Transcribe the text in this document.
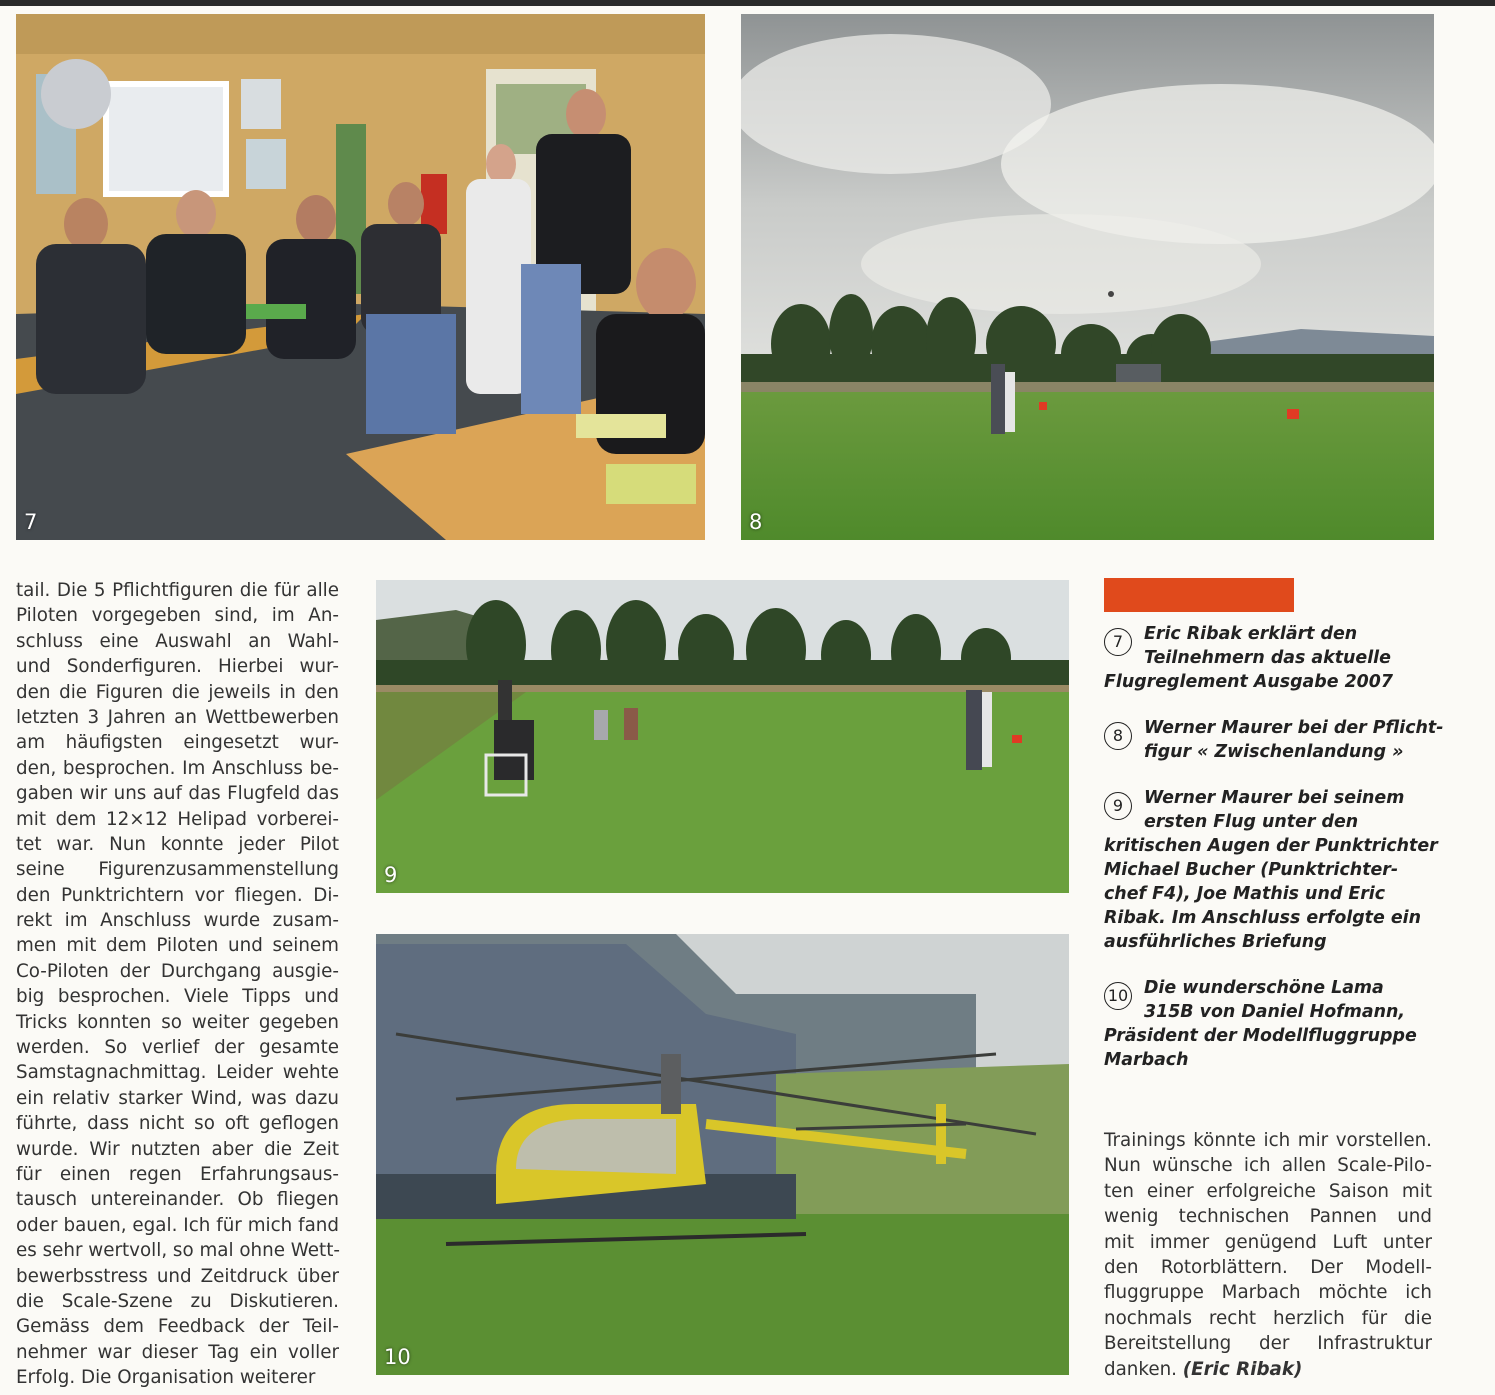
7	8
9
10
tail. Die 5 Pflichtfiguren die für alle
Piloten vorgegeben sind, im An-
schluss eine Auswahl an Wahl-
und Sonderfiguren. Hierbei wur-
den die Figuren die jeweils in den
letzten 3 Jahren an Wettbewerben
am häufigsten eingesetzt wur-
den, besprochen. Im Anschluss be-
gaben wir uns auf das Flugfeld das
mit dem 12×12 Helipad vorberei-
tet war. Nun konnte jeder Pilot
seine Figurenzusammenstellung
den Punktrichtern vor fliegen. Di-
rekt im Anschluss wurde zusam-
men mit dem Piloten und seinem
Co-Piloten der Durchgang ausgie-
big besprochen. Viele Tipps und
Tricks konnten so weiter gegeben
werden. So verlief der gesamte
Samstagnachmittag. Leider wehte
ein relativ starker Wind, was dazu
führte, dass nicht so oft geflogen
wurde. Wir nutzten aber die Zeit
für einen regen Erfahrungsaus-
tausch untereinander. Ob fliegen
oder bauen, egal. Ich für mich fand
es sehr wertvoll, so mal ohne Wett-
bewerbsstress und Zeitdruck über
die Scale-Szene zu Diskutieren.
Gemäss dem Feedback der Teil-
nehmer war dieser Tag ein voller
Erfolg. Die Organisation weiterer
7	Eric Ribak erklärt den
Teilnehmern das aktuelle
Flugreglement Ausgabe 2007
8	Werner Maurer bei der Pflicht-
figur « Zwischenlandung »
9	Werner Maurer bei seinem
ersten Flug unter den
kritischen Augen der Punktrichter
Michael Bucher (Punktrichter-
chef F4), Joe Mathis und Eric
Ribak. Im Anschluss erfolgte ein
ausführliches Briefung
10 Die wunderschöne Lama
315B von Daniel Hofmann,
Präsident der Modellfluggruppe
Marbach
Trainings könnte ich mir vorstellen.
Nun wünsche ich allen Scale-Pilo-
ten einer erfolgreiche Saison mit
wenig technischen Pannen und
mit immer genügend Luft unter
den Rotorblättern. Der Modell-
fluggruppe Marbach möchte ich
nochmals recht herzlich für die
Bereitstellung der Infrastruktur
danken. (Eric Ribak)
